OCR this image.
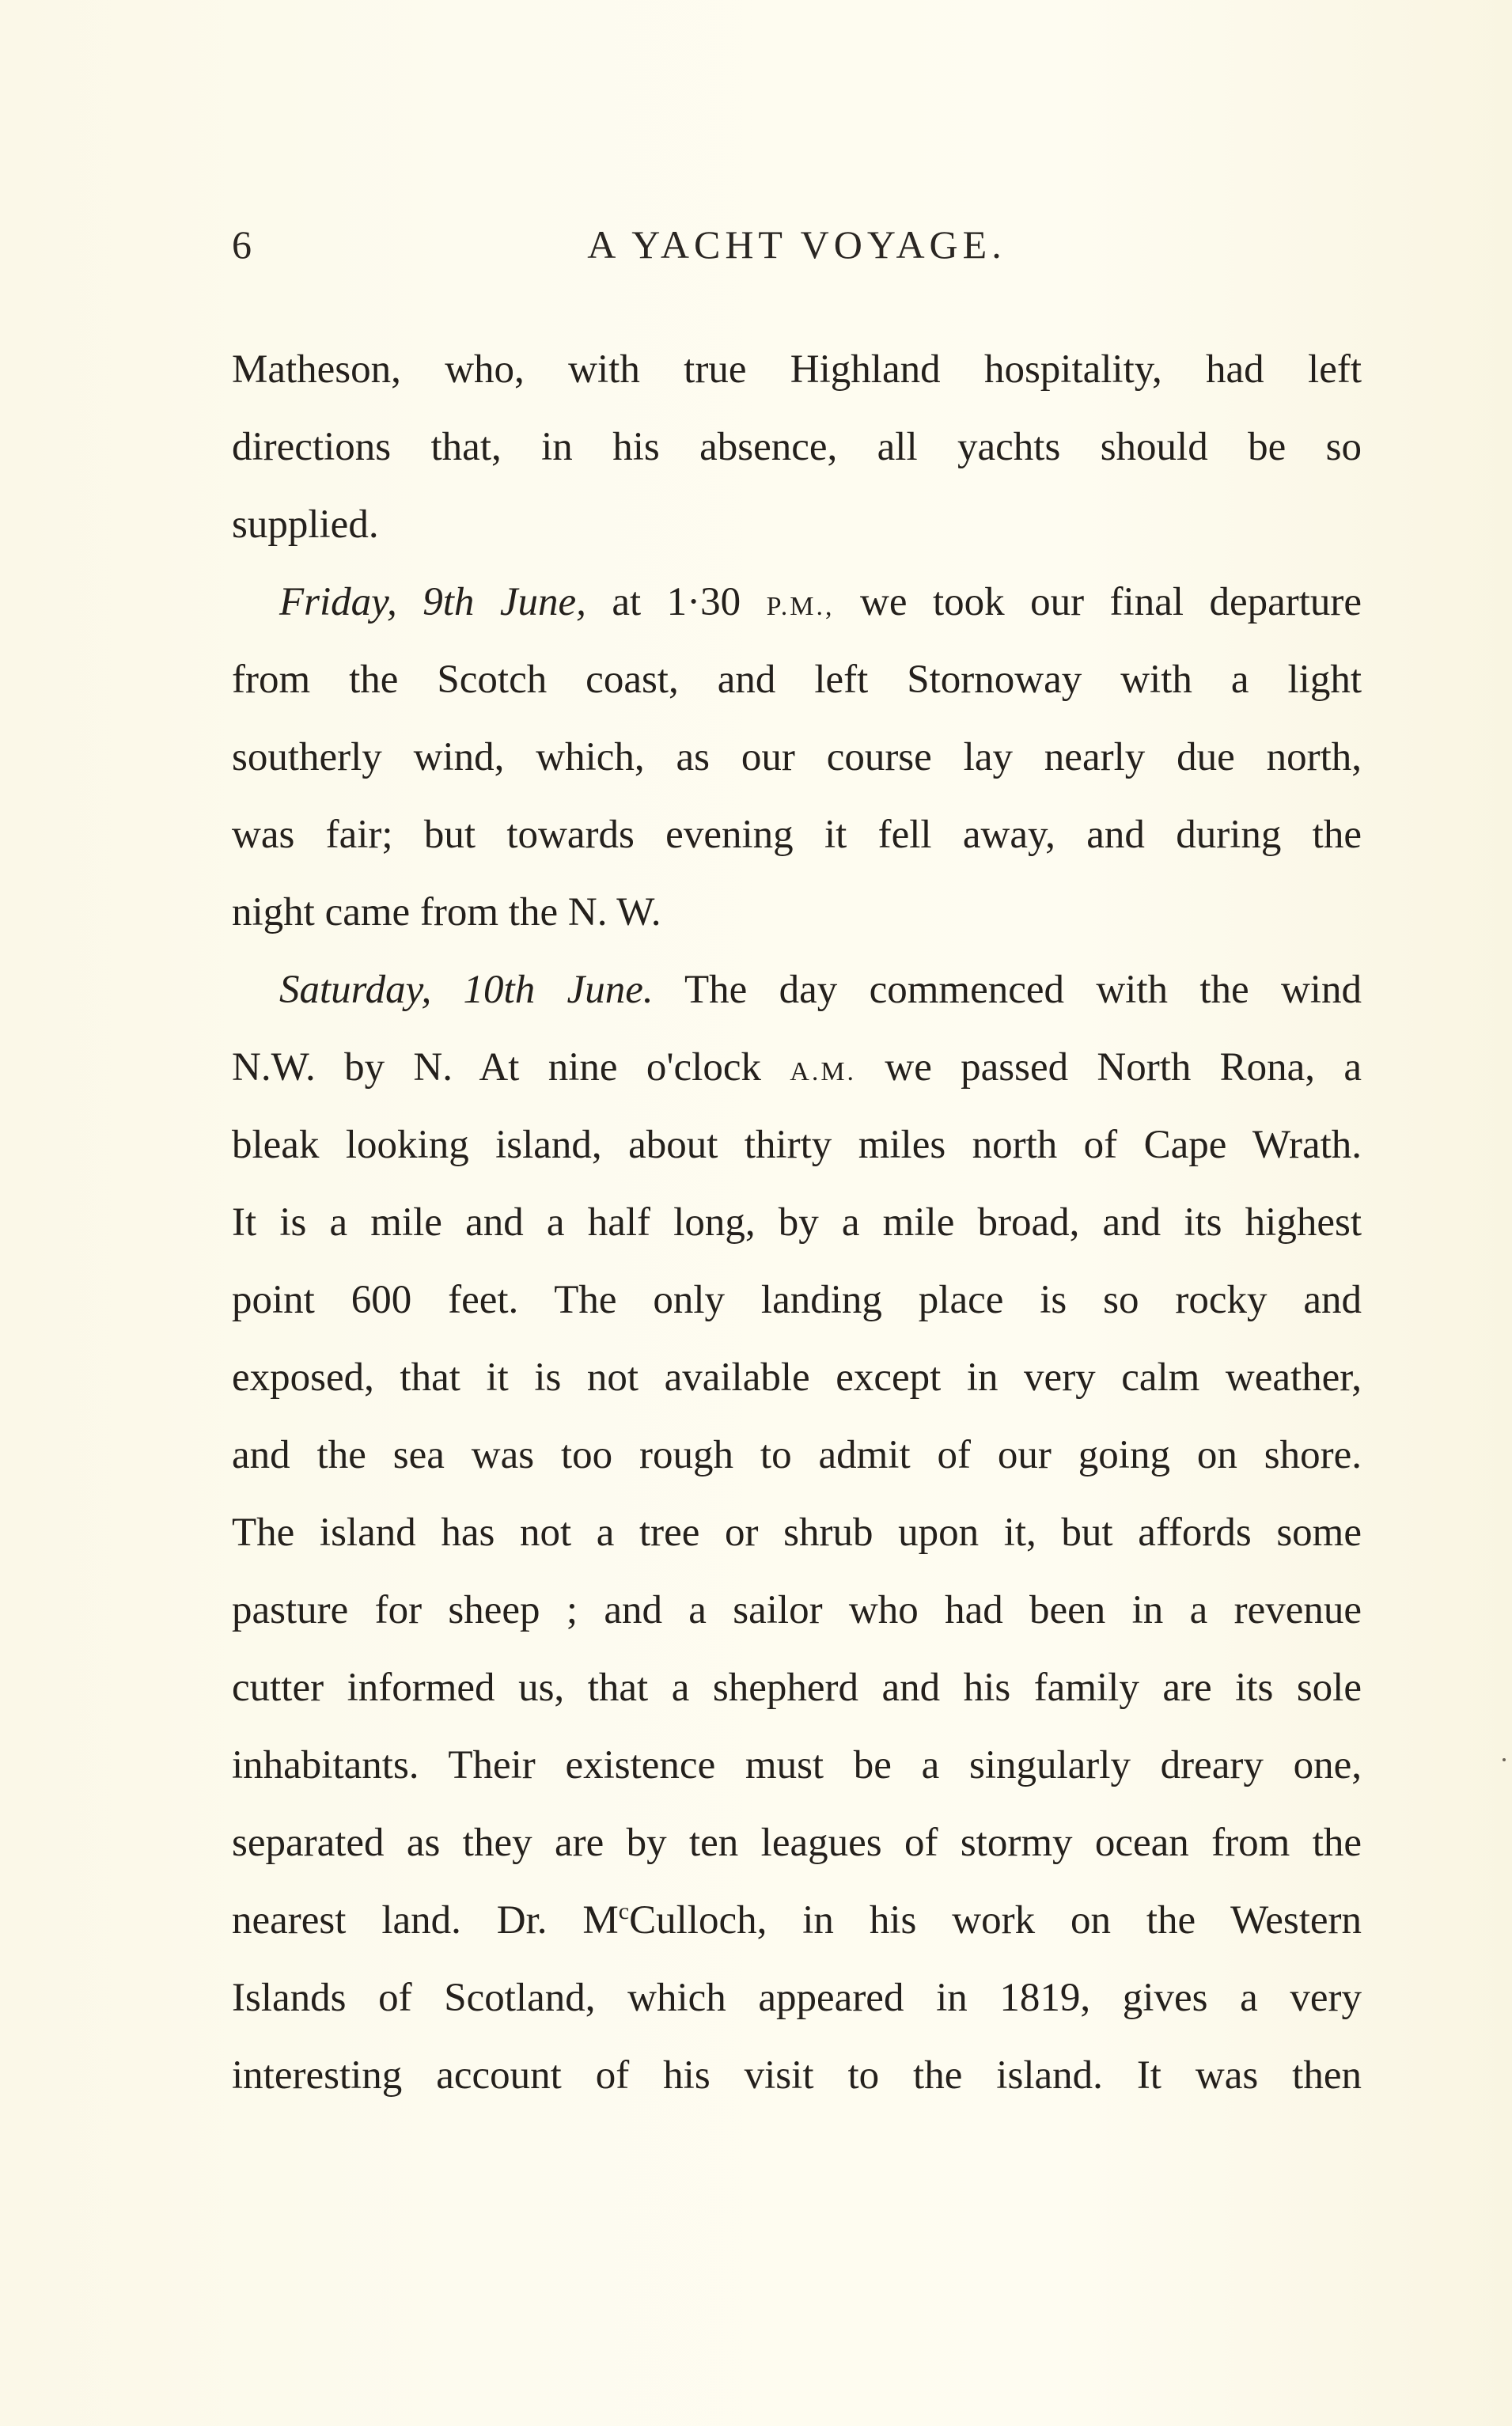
6	A YACHT VOYAGE.
Matheson, who, with true Highland hospitality, had left
directions that, in his absence, all yachts should be so
supplied.
Friday, 9th June, at 1·30 P.M., we took our final departure
from the Scotch coast, and left Stornoway with a light
southerly wind, which, as our course lay nearly due north,
was fair; but towards evening it fell away, and during the
night came from the N. W.
Saturday, 10th June. The day commenced with the wind
N.W. by N. At nine o'clock A.M. we passed North Rona, a
bleak looking island, about thirty miles north of Cape Wrath.
It is a mile and a half long, by a mile broad, and its highest
point 600 feet. The only landing place is so rocky and
exposed, that it is not available except in very calm weather,
and the sea was too rough to admit of our going on shore.
The island has not a tree or shrub upon it, but affords some
pasture for sheep ; and a sailor who had been in a revenue
cutter informed us, that a shepherd and his family are its sole
inhabitants. Their existence must be a singularly dreary one,
separated as they are by ten leagues of stormy ocean from the
nearest land. Dr. $M^cCulloch$, in his work on the Western
Islands of Scotland, which appeared in 1819, gives a very
interesting account of his visit to the island. It was then
